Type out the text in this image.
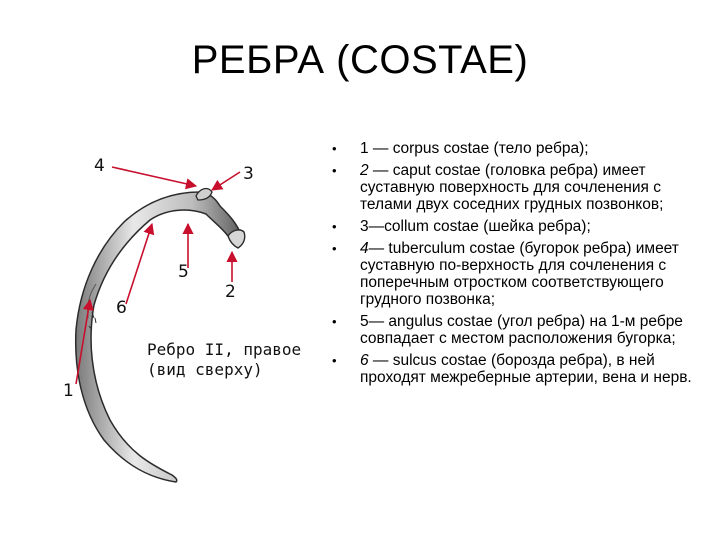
РЕБРА (COSTAE)
4	3
5
2
6
1
Ребро II, правое
(вид сверху)
• 1 — corpus costae (тело ребра);
• 2 — caput costae (головка ребра) имеет суставную поверхность для сочленения с телами двух соседних грудных позвонков;
• 3—collum costae (шейка ребра);
• 4— tuberculum costae (бугорок ребра) имеет суставную по-верхность для сочленения с поперечным отростком соответствующего грудного позвонка;
• 5— angulus costae (угол ребра) на 1-м ребре совпадает с местом расположения бугорка;
• 6 — sulcus costae (борозда ребра), в ней проходят межреберные артерии, вена и нерв.
